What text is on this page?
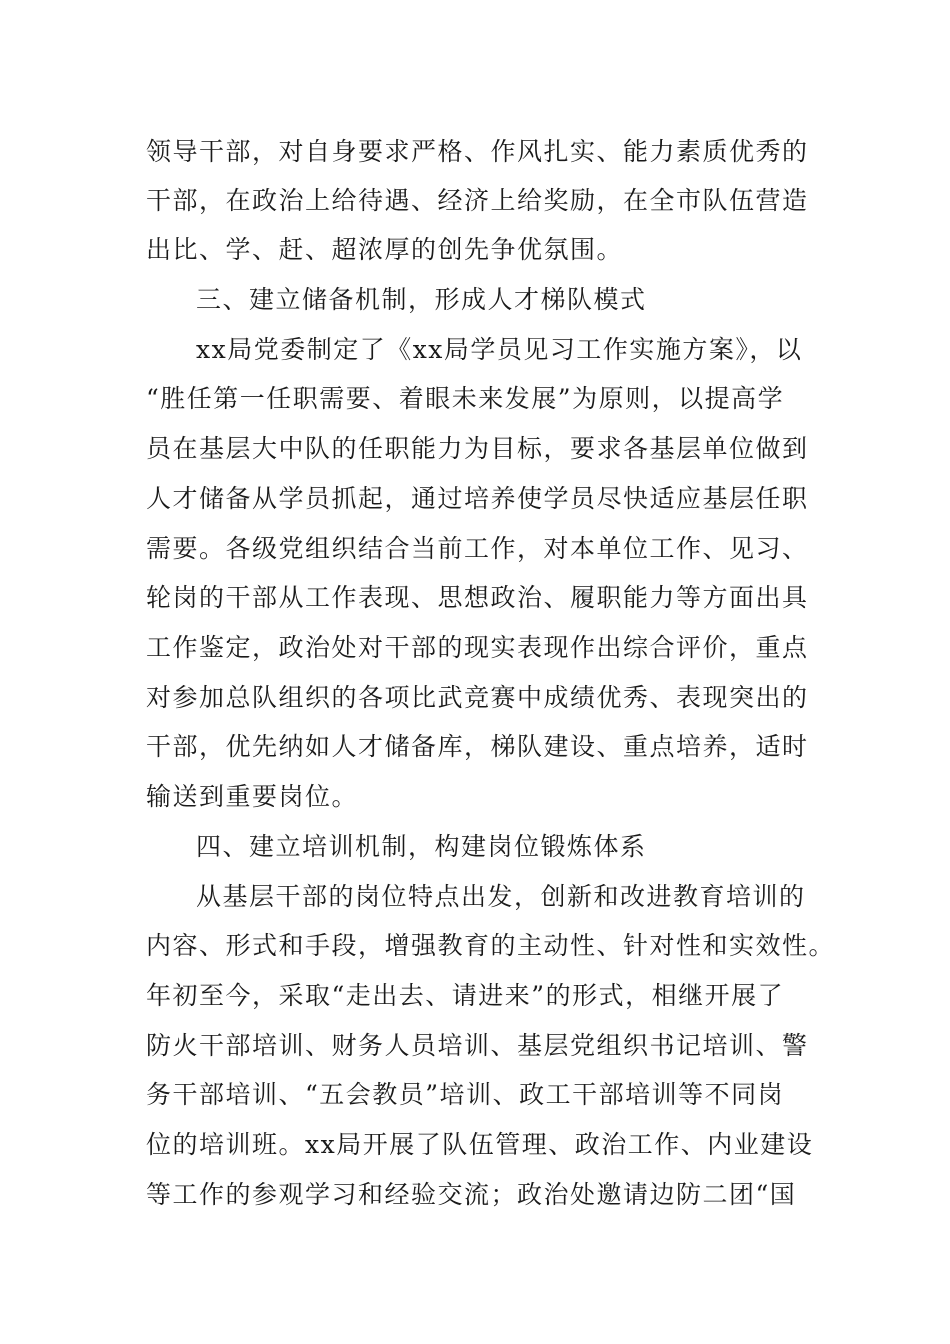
领导干部，对自身要求严格、作风扎实、能力素质优秀的
干部，在政治上给待遇、经济上给奖励，在全市队伍营造
出比、学、赶、超浓厚的创先争优氛围。
三、建立储备机制，形成人才梯队模式
xx局党委制定了《xx局学员见习工作实施方案》，以
“胜任第一任职需要、着眼未来发展”为原则，以提高学
员在基层大中队的任职能力为目标，要求各基层单位做到
人才储备从学员抓起，通过培养使学员尽快适应基层任职
需要。各级党组织结合当前工作，对本单位工作、见习、
轮岗的干部从工作表现、思想政治、履职能力等方面出具
工作鉴定，政治处对干部的现实表现作出综合评价，重点
对参加总队组织的各项比武竞赛中成绩优秀、表现突出的
干部，优先纳如人才储备库，梯队建设、重点培养，适时
输送到重要岗位。
四、建立培训机制，构建岗位锻炼体系
从基层干部的岗位特点出发，创新和改进教育培训的
内容、形式和手段，增强教育的主动性、针对性和实效性。
年初至今，采取“走出去、请进来”的形式，相继开展了
防火干部培训、财务人员培训、基层党组织书记培训、警
务干部培训、“五会教员”培训、政工干部培训等不同岗
位的培训班。xx局开展了队伍管理、政治工作、内业建设
等工作的参观学习和经验交流；政治处邀请边防二团“国
